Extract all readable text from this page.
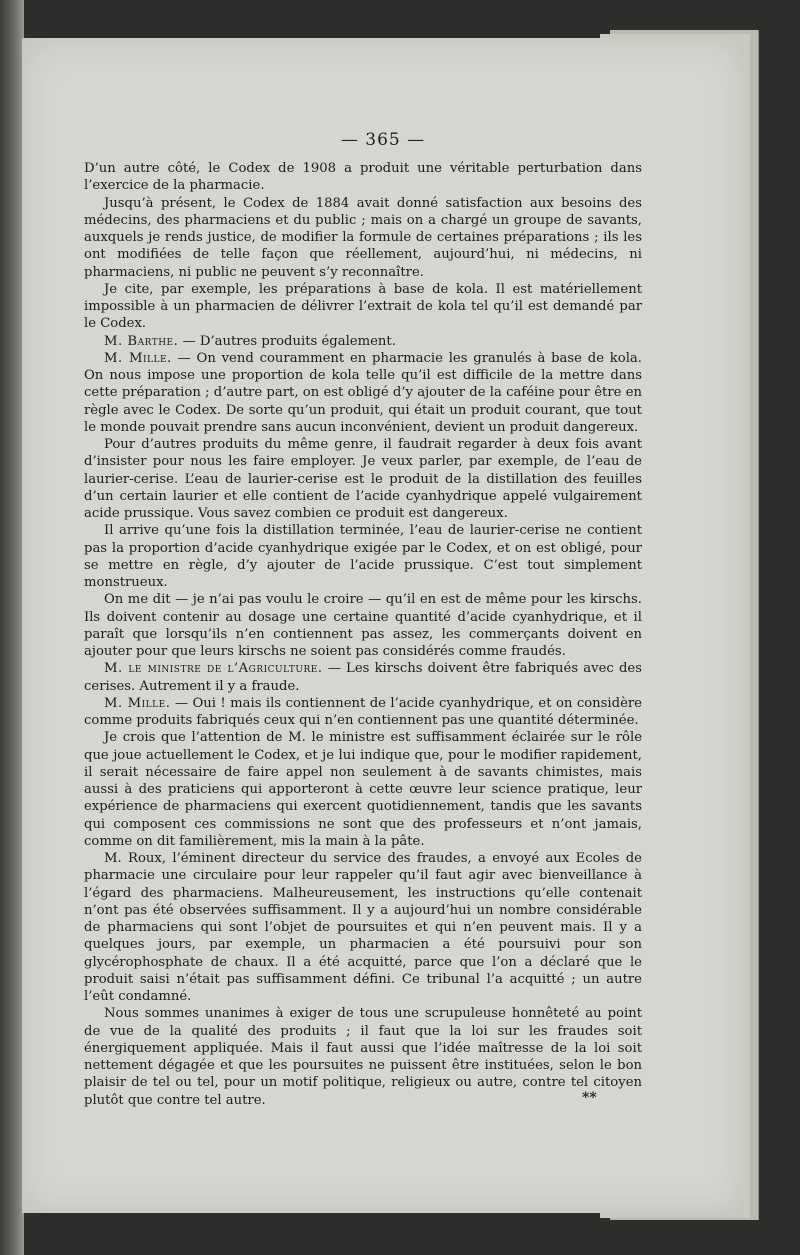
— 365 —

D’un autre côté, le Codex de 1908 a produit une véritable perturbation dans l’exercice de la pharmacie.

Jusqu’à présent, le Codex de 1884 avait donné satisfaction aux besoins des médecins, des pharmaciens et du public ; mais on a chargé un groupe de savants, auxquels je rends justice, de modifier la formule de certaines préparations ; ils les ont modifiées de telle façon que réellement, aujourd’hui, ni médecins, ni pharmaciens, ni public ne peuvent s’y reconnaître.

Je cite, par exemple, les préparations à base de kola. Il est matériellement impossible à un pharmacien de délivrer l’extrait de kola tel qu’il est demandé par le Codex.

M. Barthe. — D’autres produits également.

M. Mille. — On vend couramment en pharmacie les granulés à base de kola. On nous impose une proportion de kola telle qu’il est difficile de la mettre dans cette préparation ; d’autre part, on est obligé d’y ajouter de la caféine pour être en règle avec le Codex. De sorte qu’un produit, qui était un produit courant, que tout le monde pouvait prendre sans aucun inconvénient, devient un produit dangereux.

Pour d’autres produits du même genre, il faudrait regarder à deux fois avant d’insister pour nous les faire employer. Je veux parler, par exemple, de l’eau de laurier-cerise. L’eau de laurier-cerise est le produit de la distillation des feuilles d’un certain laurier et elle contient de l’acide cyanhydrique appelé vulgairement acide prussique. Vous savez combien ce produit est dangereux.

Il arrive qu’une fois la distillation terminée, l’eau de laurier-cerise ne contient pas la proportion d’acide cyanhydrique exigée par le Codex, et on est obligé, pour se mettre en règle, d’y ajouter de l’acide prussique. C’est tout simplement monstrueux.

On me dit — je n’ai pas voulu le croire — qu’il en est de même pour les kirschs. Ils doivent contenir au dosage une certaine quantité d’acide cyanhydrique, et il paraît que lorsqu’ils n’en contiennent pas assez, les commerçants doivent en ajouter pour que leurs kirschs ne soient pas considérés comme fraudés.

M. le ministre de l’Agriculture. — Les kirschs doivent être fabriqués avec des cerises. Autrement il y a fraude.

M. Mille. — Oui ! mais ils contiennent de l’acide cyanhydrique, et on considère comme produits fabriqués ceux qui n’en contiennent pas une quantité déterminée.

Je crois que l’attention de M. le ministre est suffisamment éclairée sur le rôle que joue actuellement le Codex, et je lui indique que, pour le modifier rapidement, il serait nécessaire de faire appel non seulement à de savants chimistes, mais aussi à des praticiens qui apporteront à cette œuvre leur science pratique, leur expérience de pharmaciens qui exercent quotidiennement, tandis que les savants qui composent ces commissions ne sont que des professeurs et n’ont jamais, comme on dit familièrement, mis la main à la pâte.

M. Roux, l’éminent directeur du service des fraudes, a envoyé aux Ecoles de pharmacie une circulaire pour leur rappeler qu’il faut agir avec bienveillance à l’égard des pharmaciens. Malheureusement, les instructions qu’elle contenait n’ont pas été observées suffisamment. Il y a aujourd’hui un nombre considérable de pharmaciens qui sont l’objet de poursuites et qui n’en peuvent mais. Il y a quelques jours, par exemple, un pharmacien a été poursuivi pour son glycérophosphate de chaux. Il a été acquitté, parce que l’on a déclaré que le produit saisi n’était pas suffisamment défini. Ce tribunal l’a acquitté ; un autre l’eût condamné.

Nous sommes unanimes à exiger de tous une scrupuleuse honnêteté au point de vue de la qualité des produits ; il faut que la loi sur les fraudes soit énergiquement appliquée. Mais il faut aussi que l’idée maîtresse de la loi soit nettement dégagée et que les poursuites ne puissent être instituées, selon le bon plaisir de tel ou tel, pour un motif politique, religieux ou autre, contre tel citoyen plutôt que contre tel autre.	**
